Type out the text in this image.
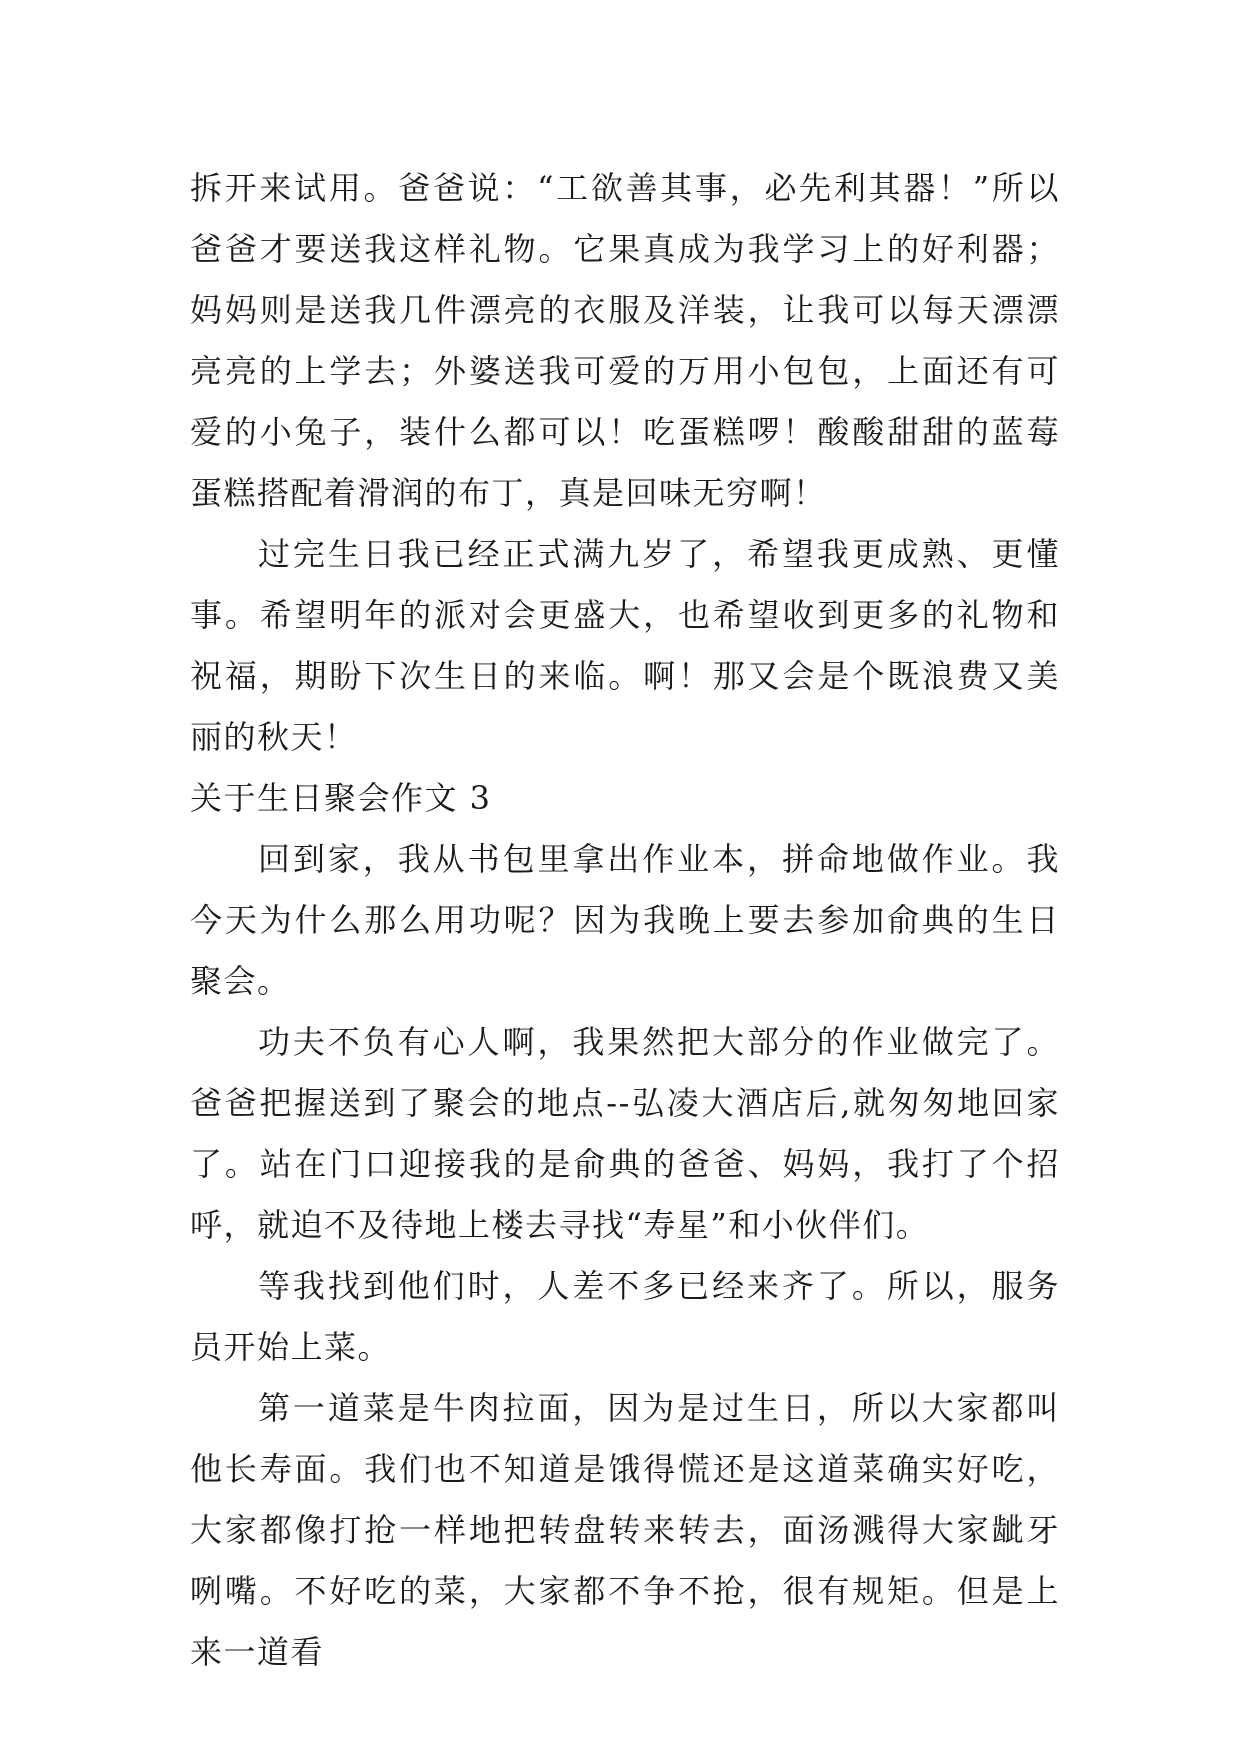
拆开来试用。爸爸说：“工欲善其事，必先利其器！”所以爸爸才要送我这样礼物。它果真成为我学习上的好利器；妈妈则是送我几件漂亮的衣服及洋装，让我可以每天漂漂亮亮的上学去；外婆送我可爱的万用小包包，上面还有可爱的小兔子，装什么都可以！吃蛋糕啰！酸酸甜甜的蓝莓蛋糕搭配着滑润的布丁，真是回味无穷啊！

过完生日我已经正式满九岁了，希望我更成熟、更懂事。希望明年的派对会更盛大，也希望收到更多的礼物和祝福，期盼下次生日的来临。啊！那又会是个既浪费又美丽的秋天！

关于生日聚会作文 3

回到家，我从书包里拿出作业本，拼命地做作业。我今天为什么那么用功呢？因为我晚上要去参加俞典的生日聚会。

功夫不负有心人啊，我果然把大部分的作业做完了。爸爸把握送到了聚会的地点--弘凌大酒店后,就匆匆地回家了。站在门口迎接我的是俞典的爸爸、妈妈，我打了个招呼，就迫不及待地上楼去寻找“寿星”和小伙伴们。

等我找到他们时，人差不多已经来齐了。所以，服务员开始上菜。

第一道菜是牛肉拉面，因为是过生日，所以大家都叫他长寿面。我们也不知道是饿得慌还是这道菜确实好吃，大家都像打抢一样地把转盘转来转去，面汤溅得大家龇牙咧嘴。不好吃的菜，大家都不争不抢，很有规矩。但是上来一道看
